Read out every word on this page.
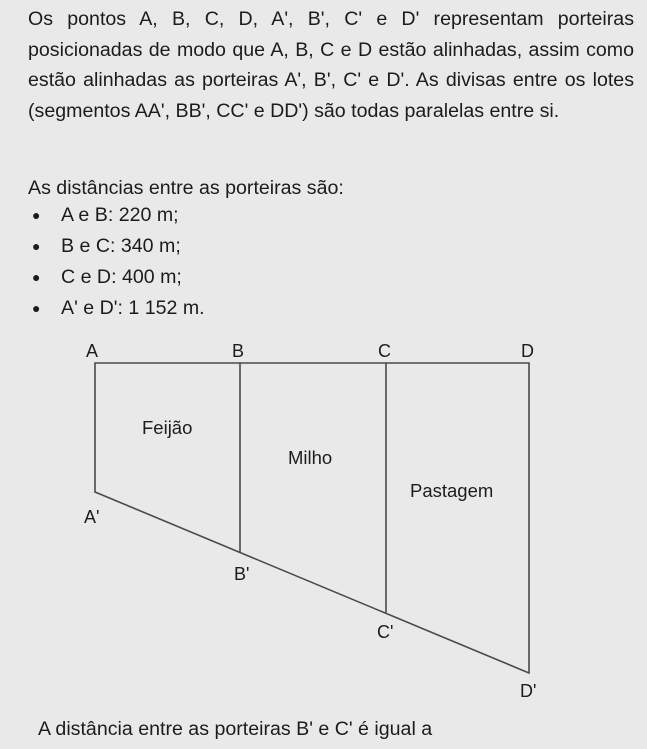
Os pontos A, B, C, D, A', B', C' e D' representam porteiras posicionadas de modo que A, B, C e D estão alinhadas, assim como estão alinhadas as porteiras A', B', C' e D'. As divisas entre os lotes (segmentos AA', BB', CC' e DD') são todas paralelas entre si.

As distâncias entre as porteiras são:

● A e B: 220 m;
● B e C: 340 m;
● C e D: 400 m;
● A' e D': 1 152 m.
A	B	C	D
A'
B'
C'
D'
Feijão
Milho
Pastagem

A distância entre as porteiras B' e C' é igual a
